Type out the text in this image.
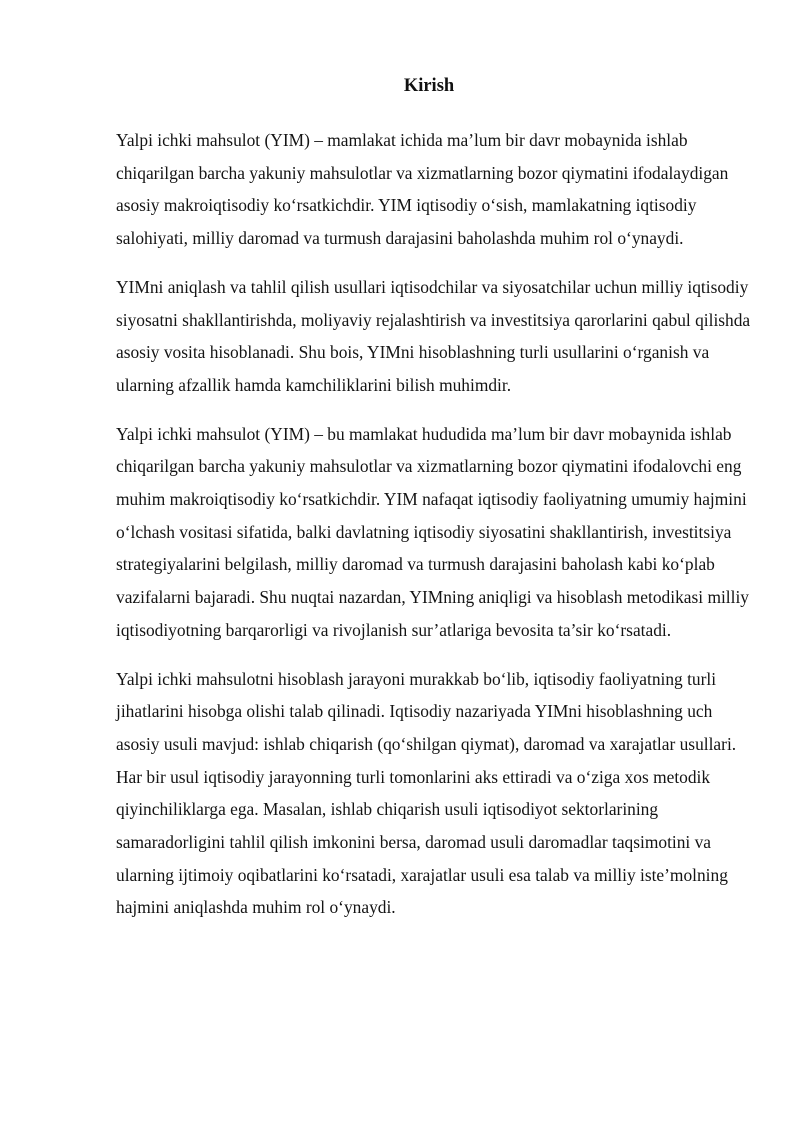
Kirish

Yalpi ichki mahsulot (YIM) – mamlakat ichida ma’lum bir davr mobaynida ishlab chiqarilgan barcha yakuniy mahsulotlar va xizmatlarning bozor qiymatini ifodalaydigan asosiy makroiqtisodiy ko‘rsatkichdir. YIM iqtisodiy o‘sish, mamlakatning iqtisodiy salohiyati, milliy daromad va turmush darajasini baholashda muhim rol o‘ynaydi.

YIMni aniqlash va tahlil qilish usullari iqtisodchilar va siyosatchilar uchun milliy iqtisodiy siyosatni shakllantirishda, moliyaviy rejalashtirish va investitsiya qarorlarini qabul qilishda asosiy vosita hisoblanadi. Shu bois, YIMni hisoblashning turli usullarini o‘rganish va ularning afzallik hamda kamchiliklarini bilish muhimdir.

Yalpi ichki mahsulot (YIM) – bu mamlakat hududida ma’lum bir davr mobaynida ishlab chiqarilgan barcha yakuniy mahsulotlar va xizmatlarning bozor qiymatini ifodalovchi eng muhim makroiqtisodiy ko‘rsatkichdir. YIM nafaqat iqtisodiy faoliyatning umumiy hajmini o‘lchash vositasi sifatida, balki davlatning iqtisodiy siyosatini shakllantirish, investitsiya strategiyalarini belgilash, milliy daromad va turmush darajasini baholash kabi ko‘plab vazifalarni bajaradi. Shu nuqtai nazardan, YIMning aniqligi va hisoblash metodikasi milliy iqtisodiyotning barqarorligi va rivojlanish sur’atlariga bevosita ta’sir ko‘rsatadi.

Yalpi ichki mahsulotni hisoblash jarayoni murakkab bo‘lib, iqtisodiy faoliyatning turli jihatlarini hisobga olishi talab qilinadi. Iqtisodiy nazariyada YIMni hisoblashning uch asosiy usuli mavjud: ishlab chiqarish (qo‘shilgan qiymat), daromad va xarajatlar usullari. Har bir usul iqtisodiy jarayonning turli tomonlarini aks ettiradi va o‘ziga xos metodik qiyinchiliklarga ega. Masalan, ishlab chiqarish usuli iqtisodiyot sektorlarining samaradorligini tahlil qilish imkonini bersa, daromad usuli daromadlar taqsimotini va ularning ijtimoiy oqibatlarini ko‘rsatadi, xarajatlar usuli esa talab va milliy iste’molning hajmini aniqlashda muhim rol o‘ynaydi.
